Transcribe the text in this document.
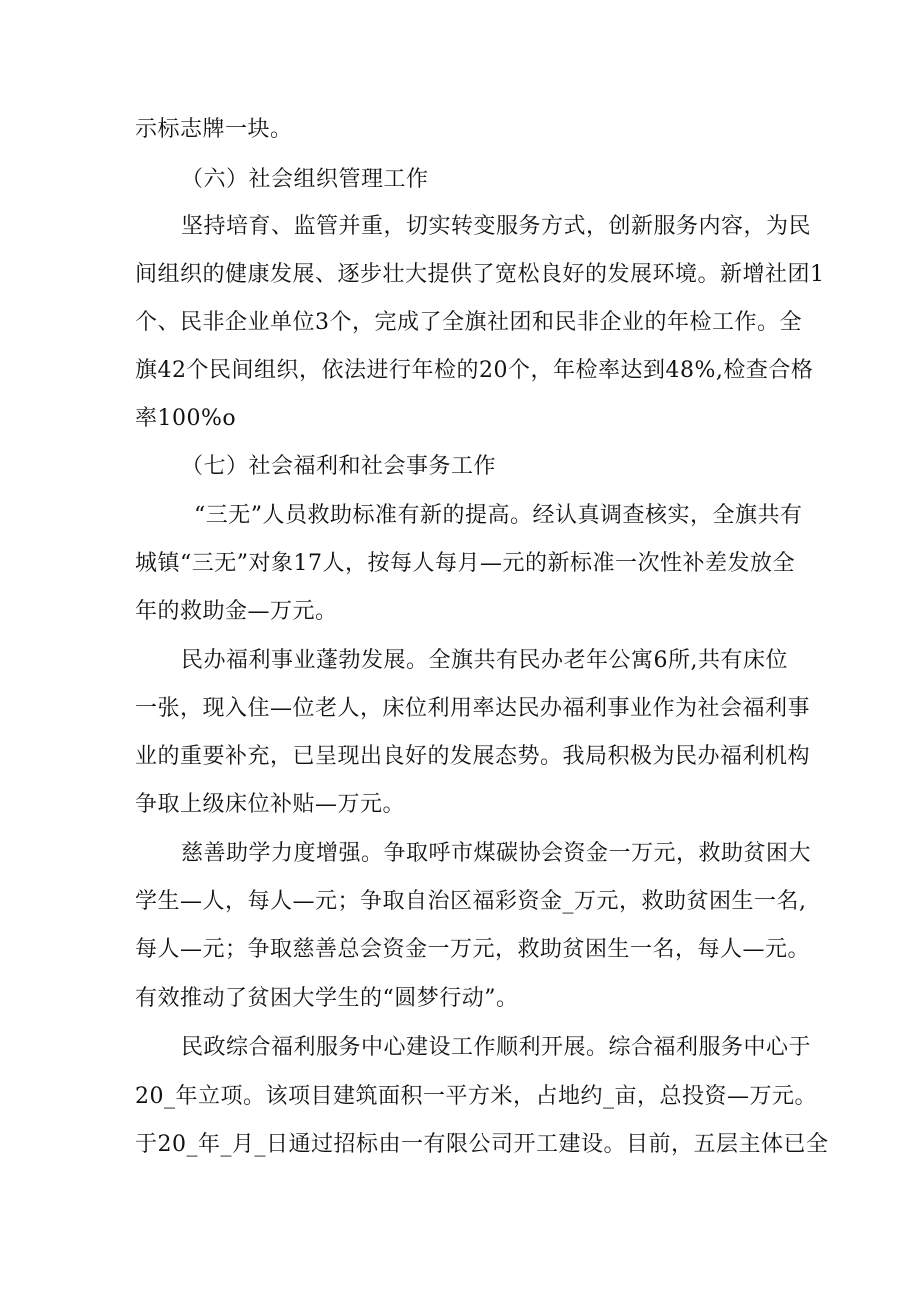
示标志牌一块。
（六）社会组织管理工作
坚持培育、监管并重，切实转变服务方式，创新服务内容，为民
间组织的健康发展、逐步壮大提供了宽松良好的发展环境。新增社团1
个、民非企业单位3个，完成了全旗社团和民非企业的年检工作。全
旗42个民间组织，依法进行年检的20个，年检率达到48%,检查合格
率100%o
（七）社会福利和社会事务工作
“三无”人员救助标准有新的提高。经认真调查核实，全旗共有
城镇“三无”对象17人，按每人每月—元的新标准一次性补差发放全
年的救助金—万元。
民办福利事业蓬勃发展。全旗共有民办老年公寓6所,共有床位
一张，现入住—位老人，床位利用率达民办福利事业作为社会福利事
业的重要补充，已呈现出良好的发展态势。我局积极为民办福利机构
争取上级床位补贴—万元。
慈善助学力度增强。争取呼市煤碳协会资金一万元，救助贫困大
学生—人，每人—元；争取自治区福彩资金_万元，救助贫困生一名,
每人—元；争取慈善总会资金一万元，救助贫困生一名，每人—元。
有效推动了贫困大学生的“圆梦行动”。
民政综合福利服务中心建设工作顺利开展。综合福利服务中心于
20_年立项。该项目建筑面积一平方米，占地约_亩，总投资—万元。
于20_年_月_日通过招标由一有限公司开工建设。目前，五层主体已全
